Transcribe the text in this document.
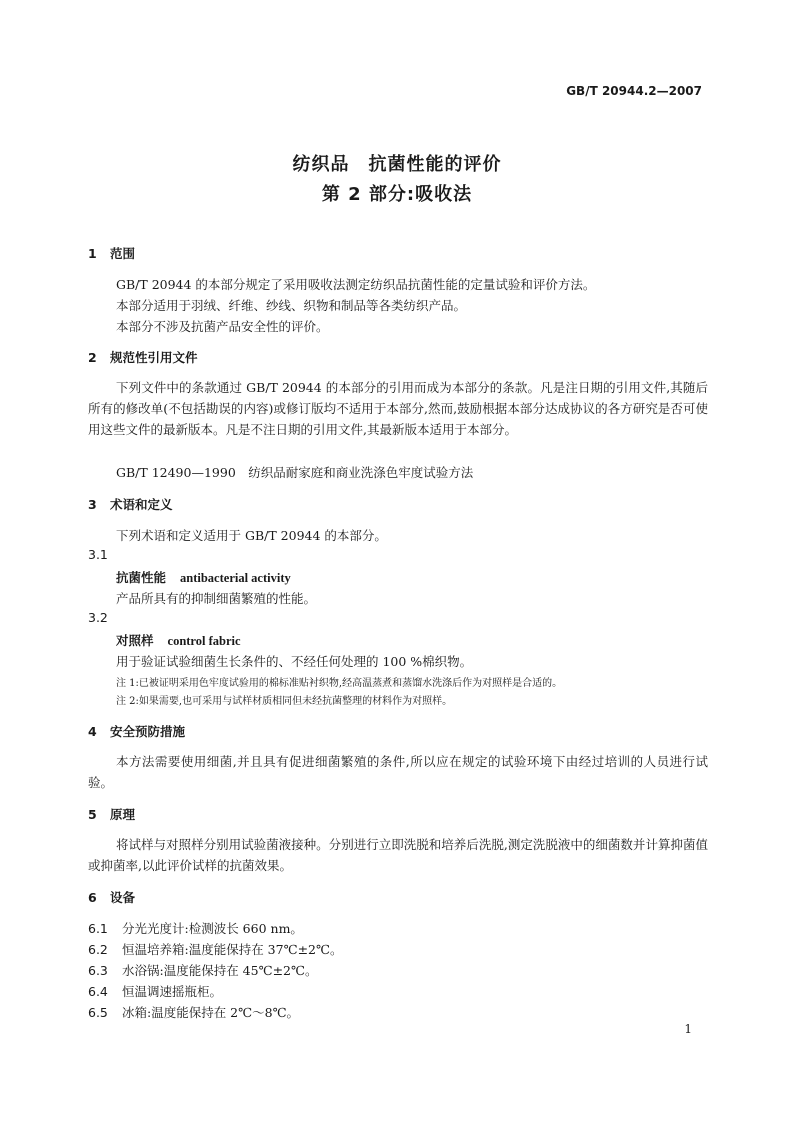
GB/T 20944.2—2007
纺织品　抗菌性能的评价
第 2 部分:吸收法
1 范围
GB/T 20944 的本部分规定了采用吸收法测定纺织品抗菌性能的定量试验和评价方法。
本部分适用于羽绒、纤维、纱线、织物和制品等各类纺织产品。
本部分不涉及抗菌产品安全性的评价。
2 规范性引用文件

下列文件中的条款通过 GB/T 20944 的本部分的引用而成为本部分的条款。凡是注日期的引用文件,其随后所有的修改单(不包括勘误的内容)或修订版均不适用于本部分,然而,鼓励根据本部分达成协议的各方研究是否可使用这些文件的最新版本。凡是不注日期的引用文件,其最新版本适用于本部分。

GB/T 12490—1990　纺织品耐家庭和商业洗涤色牢度试验方法
3 术语和定义
下列术语和定义适用于 GB/T 20944 的本部分。
3.1
抗菌性能 antibacterial activity
产品所具有的抑制细菌繁殖的性能。
3.2
对照样 control fabric
用于验证试验细菌生长条件的、不经任何处理的 100 %棉织物。
注 1:已被证明采用色牢度试验用的棉标准贴衬织物,经高温蒸煮和蒸馏水洗涤后作为对照样是合适的。
注 2:如果需要,也可采用与试样材质相同但未经抗菌整理的材料作为对照样。
4 安全预防措施

本方法需要使用细菌,并且具有促进细菌繁殖的条件,所以应在规定的试验环境下由经过培训的人员进行试验。

5 原理

将试样与对照样分别用试验菌液接种。分别进行立即洗脱和培养后洗脱,测定洗脱液中的细菌数并计算抑菌值或抑菌率,以此评价试样的抗菌效果。

6 设备
6.1 分光光度计:检测波长 660 nm。
6.2 恒温培养箱:温度能保持在 37℃±2℃。
6.3 水浴锅:温度能保持在 45℃±2℃。
6.4 恒温调速摇瓶柜。
6.5 冰箱:温度能保持在 2℃～8℃。
1
